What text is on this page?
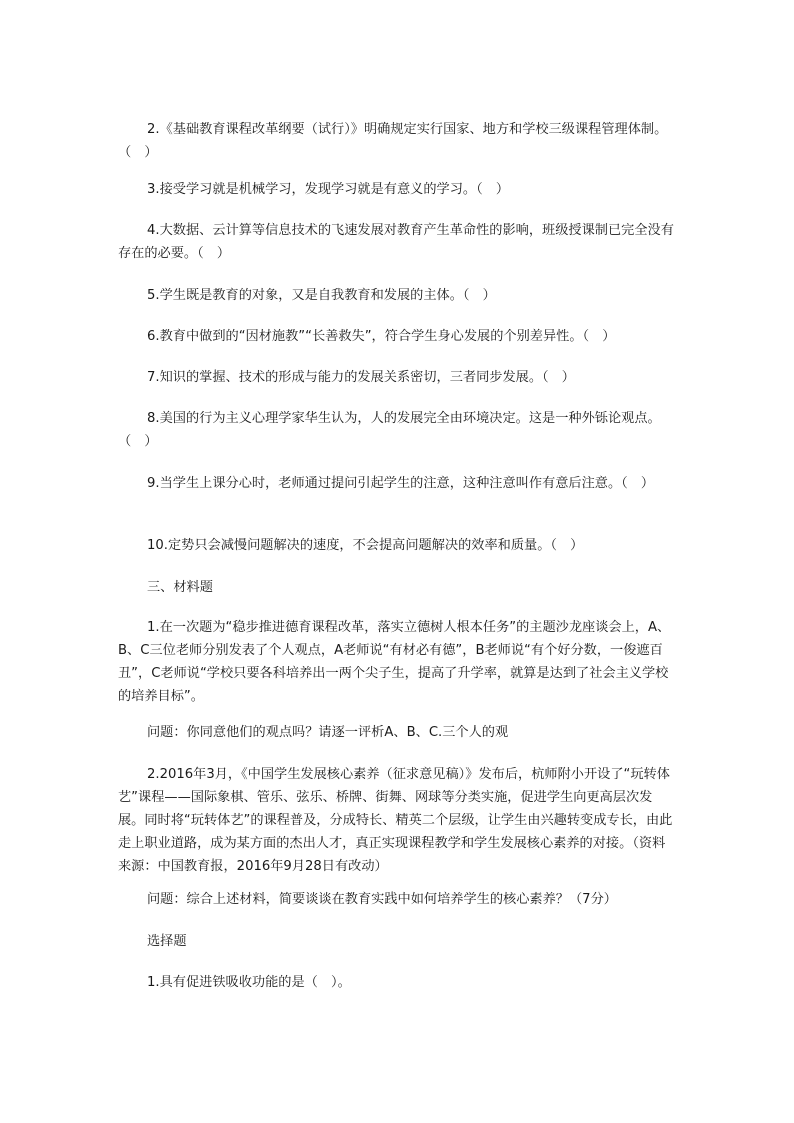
2.《基础教育课程改革纲要（试行）》明确规定实行国家、地方和学校三级课程管理体制。（　）

3.接受学习就是机械学习，发现学习就是有意义的学习。（　）

4.大数据、云计算等信息技术的飞速发展对教育产生革命性的影响，班级授课制已完全没有存在的必要。（　）

5.学生既是教育的对象，又是自我教育和发展的主体。（　）

6.教育中做到的“因材施教”“长善救失”，符合学生身心发展的个别差异性。（　）

7.知识的掌握、技术的形成与能力的发展关系密切，三者同步发展。（　）

8.美国的行为主义心理学家华生认为，人的发展完全由环境决定。这是一种外铄论观点。（　）

9.当学生上课分心时，老师通过提问引起学生的注意，这种注意叫作有意后注意。（　）

10.定势只会减慢问题解决的速度，不会提高问题解决的效率和质量。（　）

三、材料题

1.在一次题为“稳步推进德育课程改革，落实立德树人根本任务”的主题沙龙座谈会上，A、B、C三位老师分别发表了个人观点，A老师说“有材必有德”，B老师说“有个好分数，一俊遮百丑”，C老师说“学校只要各科培养出一两个尖子生，提高了升学率，就算是达到了社会主义学校的培养目标”。

问题：你同意他们的观点吗？请逐一评析A、B、C.三个人的观

2.2016年3月，《中国学生发展核心素养（征求意见稿）》发布后，杭师附小开设了“玩转体艺”课程——国际象棋、管乐、弦乐、桥牌、街舞、网球等分类实施，促进学生向更高层次发展。同时将“玩转体艺”的课程普及，分成特长、精英二个层级，让学生由兴趣转变成专长，由此走上职业道路，成为某方面的杰出人才，真正实现课程教学和学生发展核心素养的对接。（资料来源：中国教育报，2016年9月28日有改动）

问题：综合上述材料，简要谈谈在教育实践中如何培养学生的核心素养？（7分）

选择题

1.具有促进铁吸收功能的是（　）。
